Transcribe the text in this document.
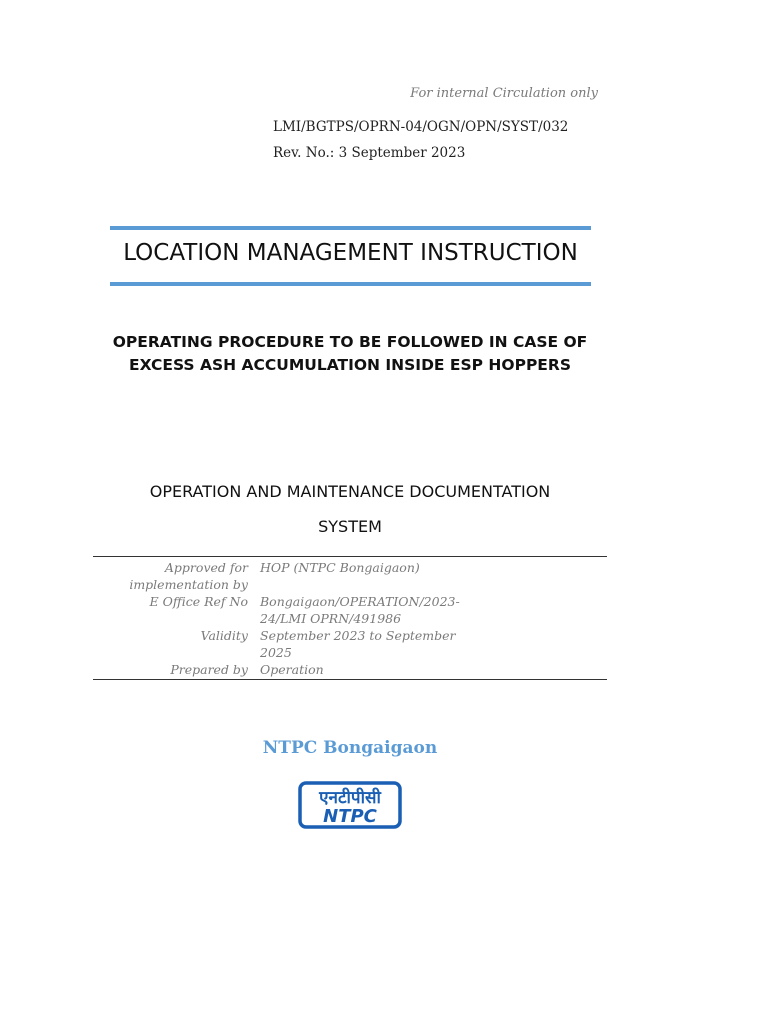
For internal Circulation only
LMI/BGTPS/OPRN-04/OGN/OPN/SYST/032
Rev. No.: 3 September 2023
LOCATION MANAGEMENT INSTRUCTION
OPERATING PROCEDURE TO BE FOLLOWED IN CASE OF
EXCESS ASH ACCUMULATION INSIDE ESP HOPPERS
OPERATION AND MAINTENANCE DOCUMENTATION
SYSTEM
Approved for HOP (NTPC Bongaigaon)
implementation by
E Office Ref No Bongaigaon/OPERATION/2023-
24/LMI OPRN/491986
Validity September 2023 to September
2025
Prepared by Operation
NTPC Bongaigaon
एनटीपीसी
NTPC
